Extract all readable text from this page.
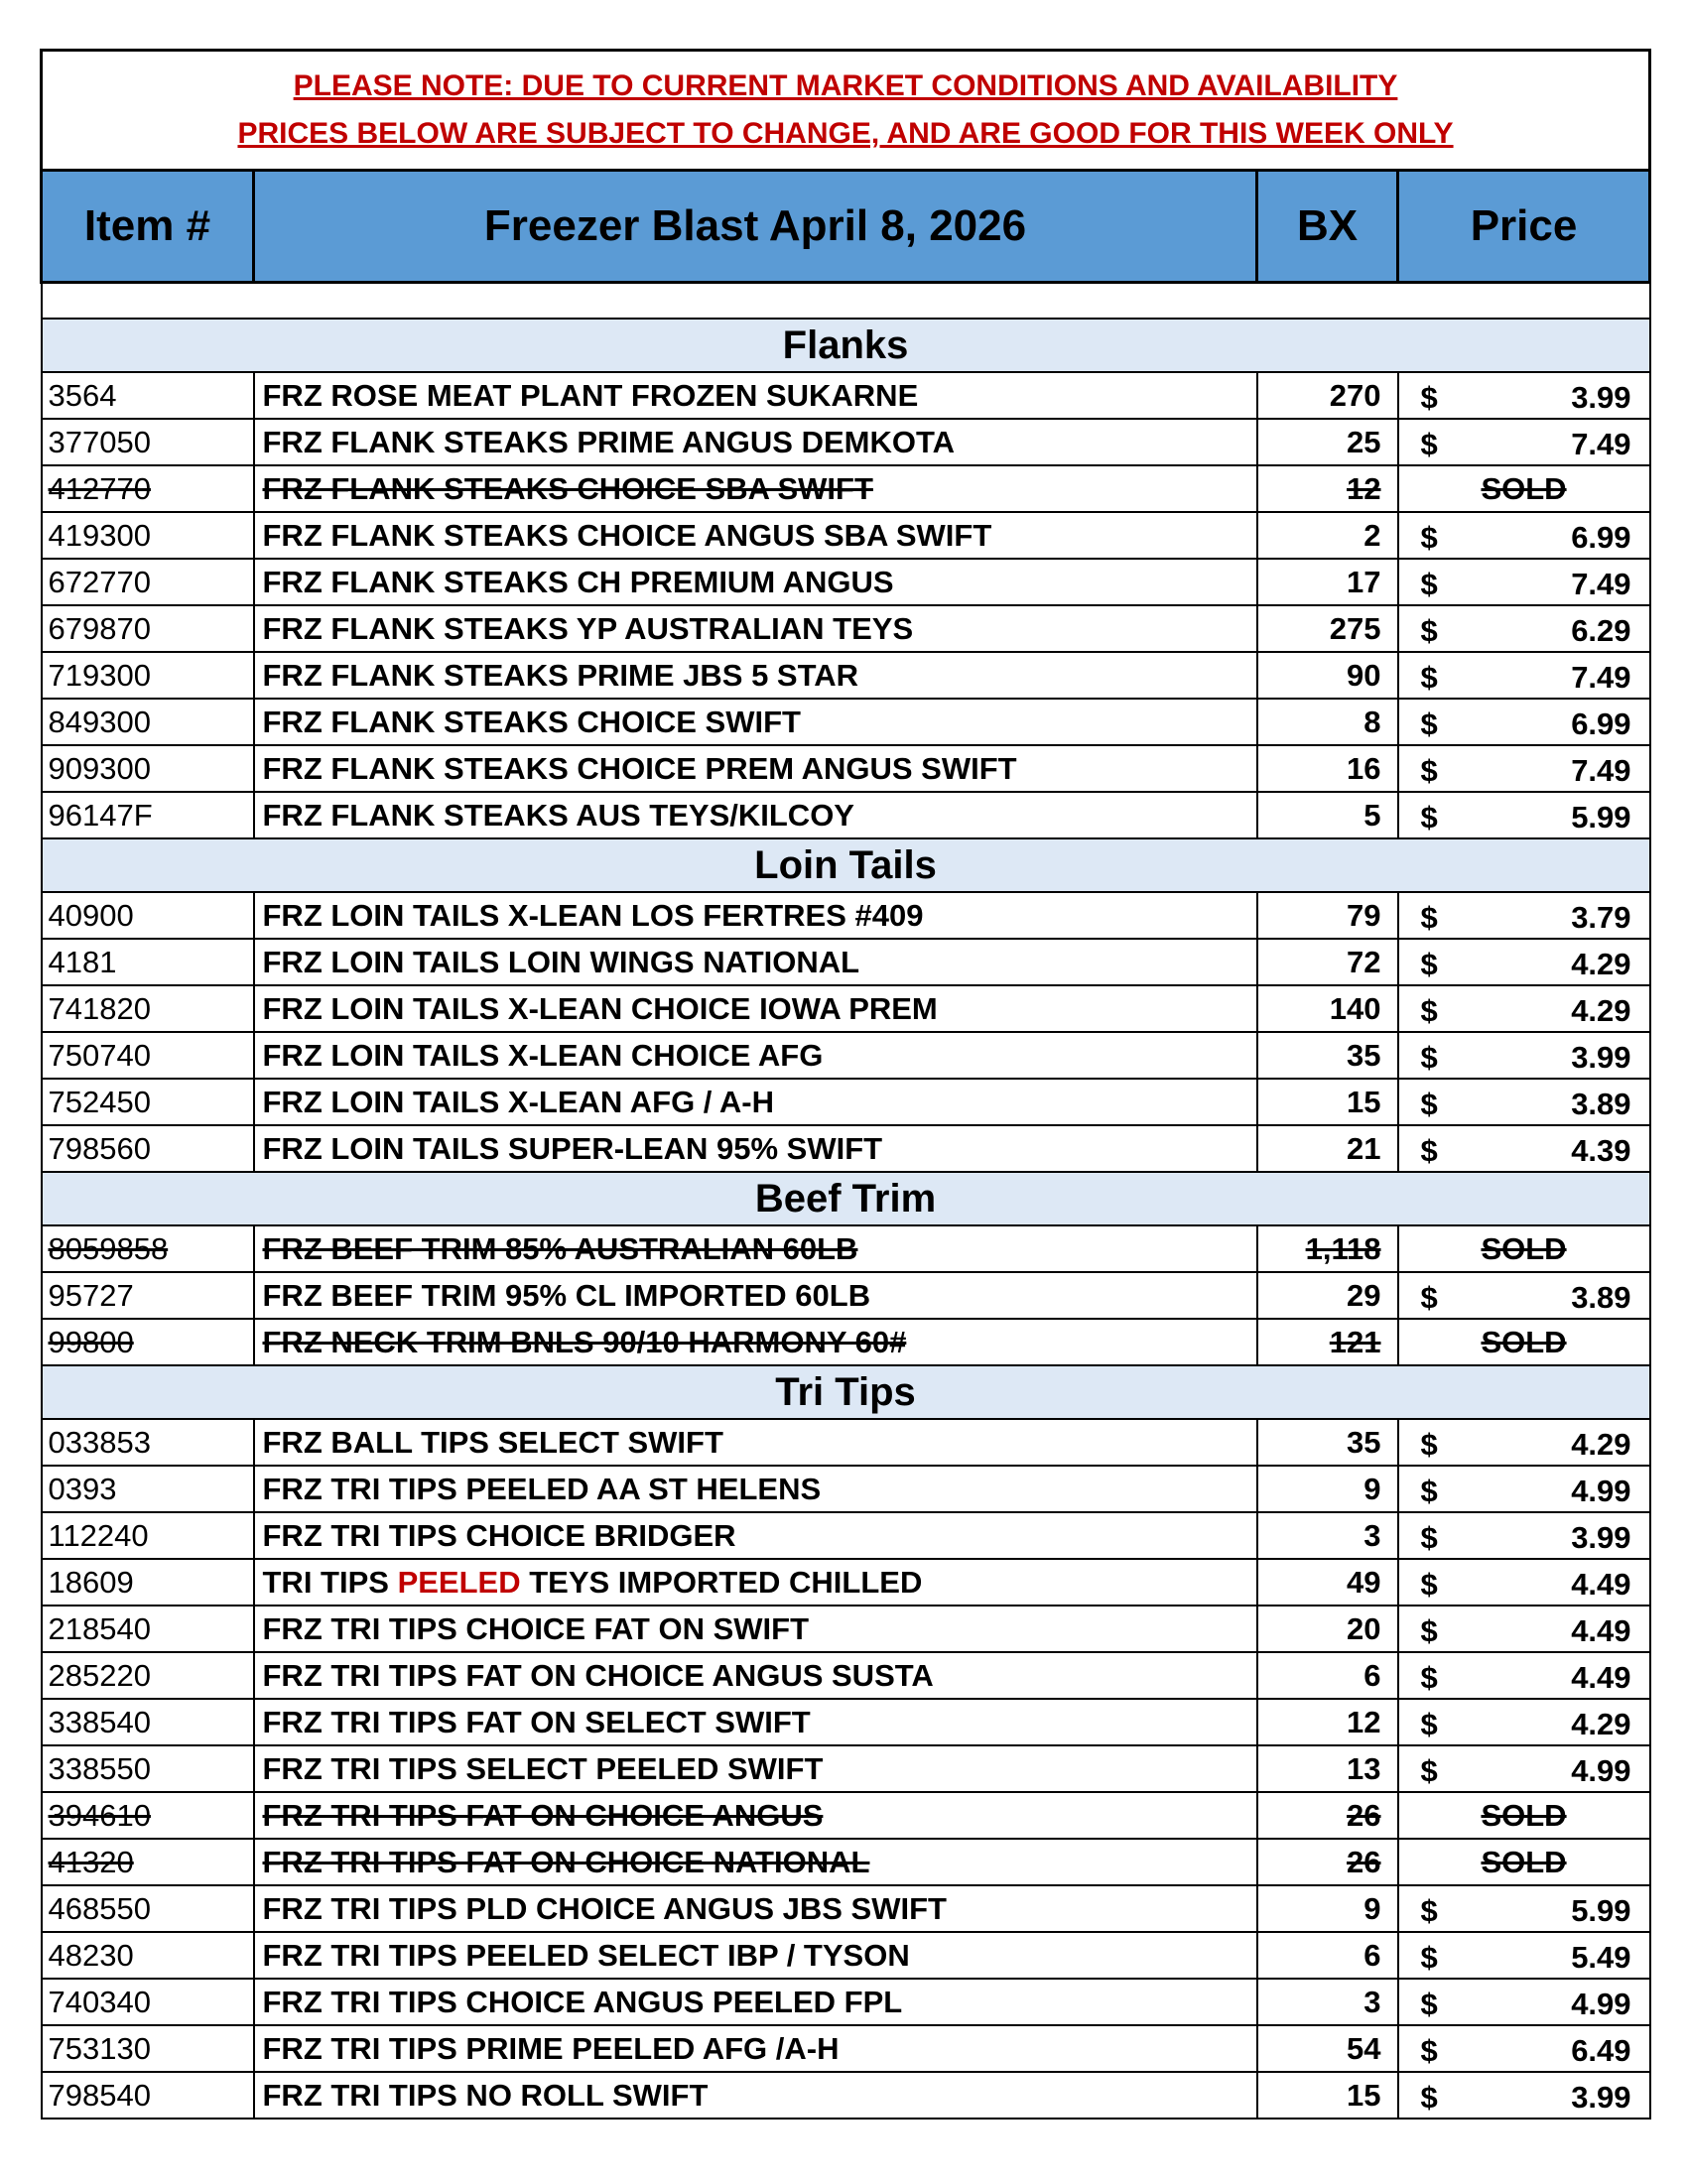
PLEASE NOTE: DUE TO CURRENT MARKET CONDITIONS AND AVAILABILITY
PRICES BELOW ARE SUBJECT TO CHANGE, AND ARE GOOD FOR THIS WEEK ONLY			

Item #	Freezer Blast April 8, 2026	BX	Price

Flanks			
3564	FRZ ROSE MEAT PLANT FROZEN SUKARNE	270	$ 3.99

377050	FRZ FLANK STEAKS PRIME ANGUS DEMKOTA	25	$ 7.49

412770	FRZ FLANK STEAKS CHOICE SBA SWIFT	12	SOLD

419300	FRZ FLANK STEAKS CHOICE ANGUS SBA SWIFT	2	$ 6.99

672770	FRZ FLANK STEAKS CH PREMIUM ANGUS	17	$ 7.49

679870	FRZ FLANK STEAKS YP AUSTRALIAN TEYS	275	$ 6.29

719300	FRZ FLANK STEAKS PRIME JBS 5 STAR	90	$ 7.49

849300	FRZ FLANK STEAKS CHOICE SWIFT	8	$ 6.99

909300	FRZ FLANK STEAKS CHOICE PREM ANGUS SWIFT	16	$ 7.49

96147F	FRZ FLANK STEAKS AUS TEYS/KILCOY	5	$ 5.99

Loin Tails			
40900	FRZ LOIN TAILS X-LEAN LOS FERTRES #409	79	$ 3.79

4181	FRZ LOIN TAILS LOIN WINGS NATIONAL	72	$ 4.29

741820	FRZ LOIN TAILS X-LEAN CHOICE IOWA PREM	140	$ 4.29

750740	FRZ LOIN TAILS X-LEAN CHOICE AFG	35	$ 3.99

752450	FRZ LOIN TAILS X-LEAN AFG / A-H	15	$ 3.89

798560	FRZ LOIN TAILS SUPER-LEAN 95% SWIFT	21	$ 4.39

Beef Trim			
8059858	FRZ BEEF TRIM 85% AUSTRALIAN 60LB	1,118	SOLD

95727	FRZ BEEF TRIM 95% CL IMPORTED 60LB	29	$ 3.89

99800	FRZ NECK TRIM BNLS 90/10 HARMONY 60#	121	SOLD

Tri Tips			
033853	FRZ BALL TIPS SELECT SWIFT	35	$ 4.29

0393	FRZ TRI TIPS PEELED AA ST HELENS	9	$ 4.99

112240	FRZ TRI TIPS CHOICE BRIDGER	3	$ 3.99

18609	TRI TIPS PEELED TEYS IMPORTED CHILLED	49	$ 4.49

218540	FRZ TRI TIPS CHOICE FAT ON SWIFT	20	$ 4.49

285220	FRZ TRI TIPS FAT ON CHOICE ANGUS SUSTA	6	$ 4.49

338540	FRZ TRI TIPS FAT ON SELECT SWIFT	12	$ 4.29

338550	FRZ TRI TIPS SELECT PEELED SWIFT	13	$ 4.99

394610	FRZ TRI TIPS FAT ON CHOICE ANGUS	26	SOLD

41320	FRZ TRI TIPS FAT ON CHOICE NATIONAL	26	SOLD

468550	FRZ TRI TIPS PLD CHOICE ANGUS JBS SWIFT	9	$ 5.99

48230	FRZ TRI TIPS PEELED SELECT IBP / TYSON	6	$ 5.49

740340	FRZ TRI TIPS CHOICE ANGUS PEELED FPL	3	$ 4.99

753130	FRZ TRI TIPS PRIME PEELED AFG /A-H	54	$ 6.49

798540	FRZ TRI TIPS NO ROLL SWIFT	15	$ 3.99
